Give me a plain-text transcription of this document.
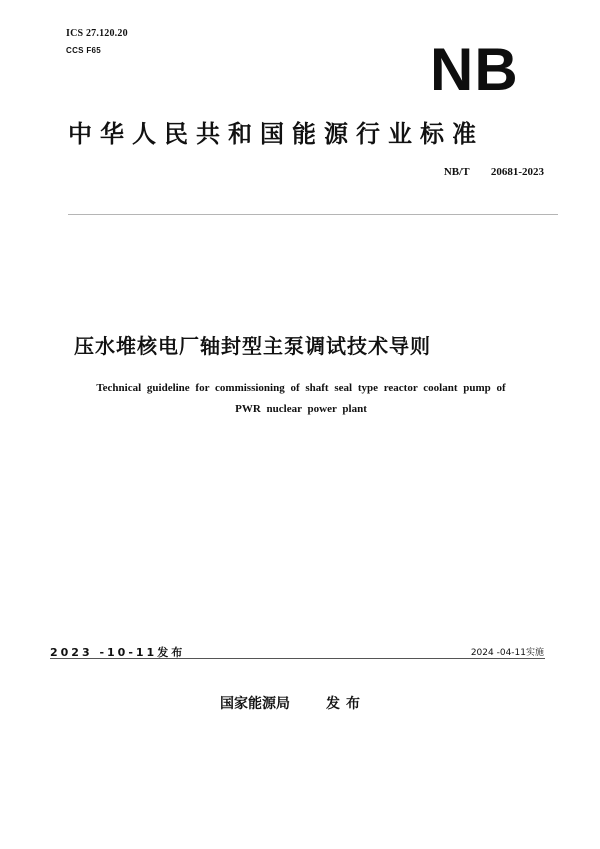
ICS 27.120.20
CCS F65	NB
中华人民共和国能源行业标准
NB/T  20681-2023
压水堆核电厂轴封型主泵调试技术导则
Technical guideline for commissioning of shaft seal type reactor coolant pump of
PWR nuclear power plant
2023 -10-11发布	2024 -04-11实施
国家能源局	发布
